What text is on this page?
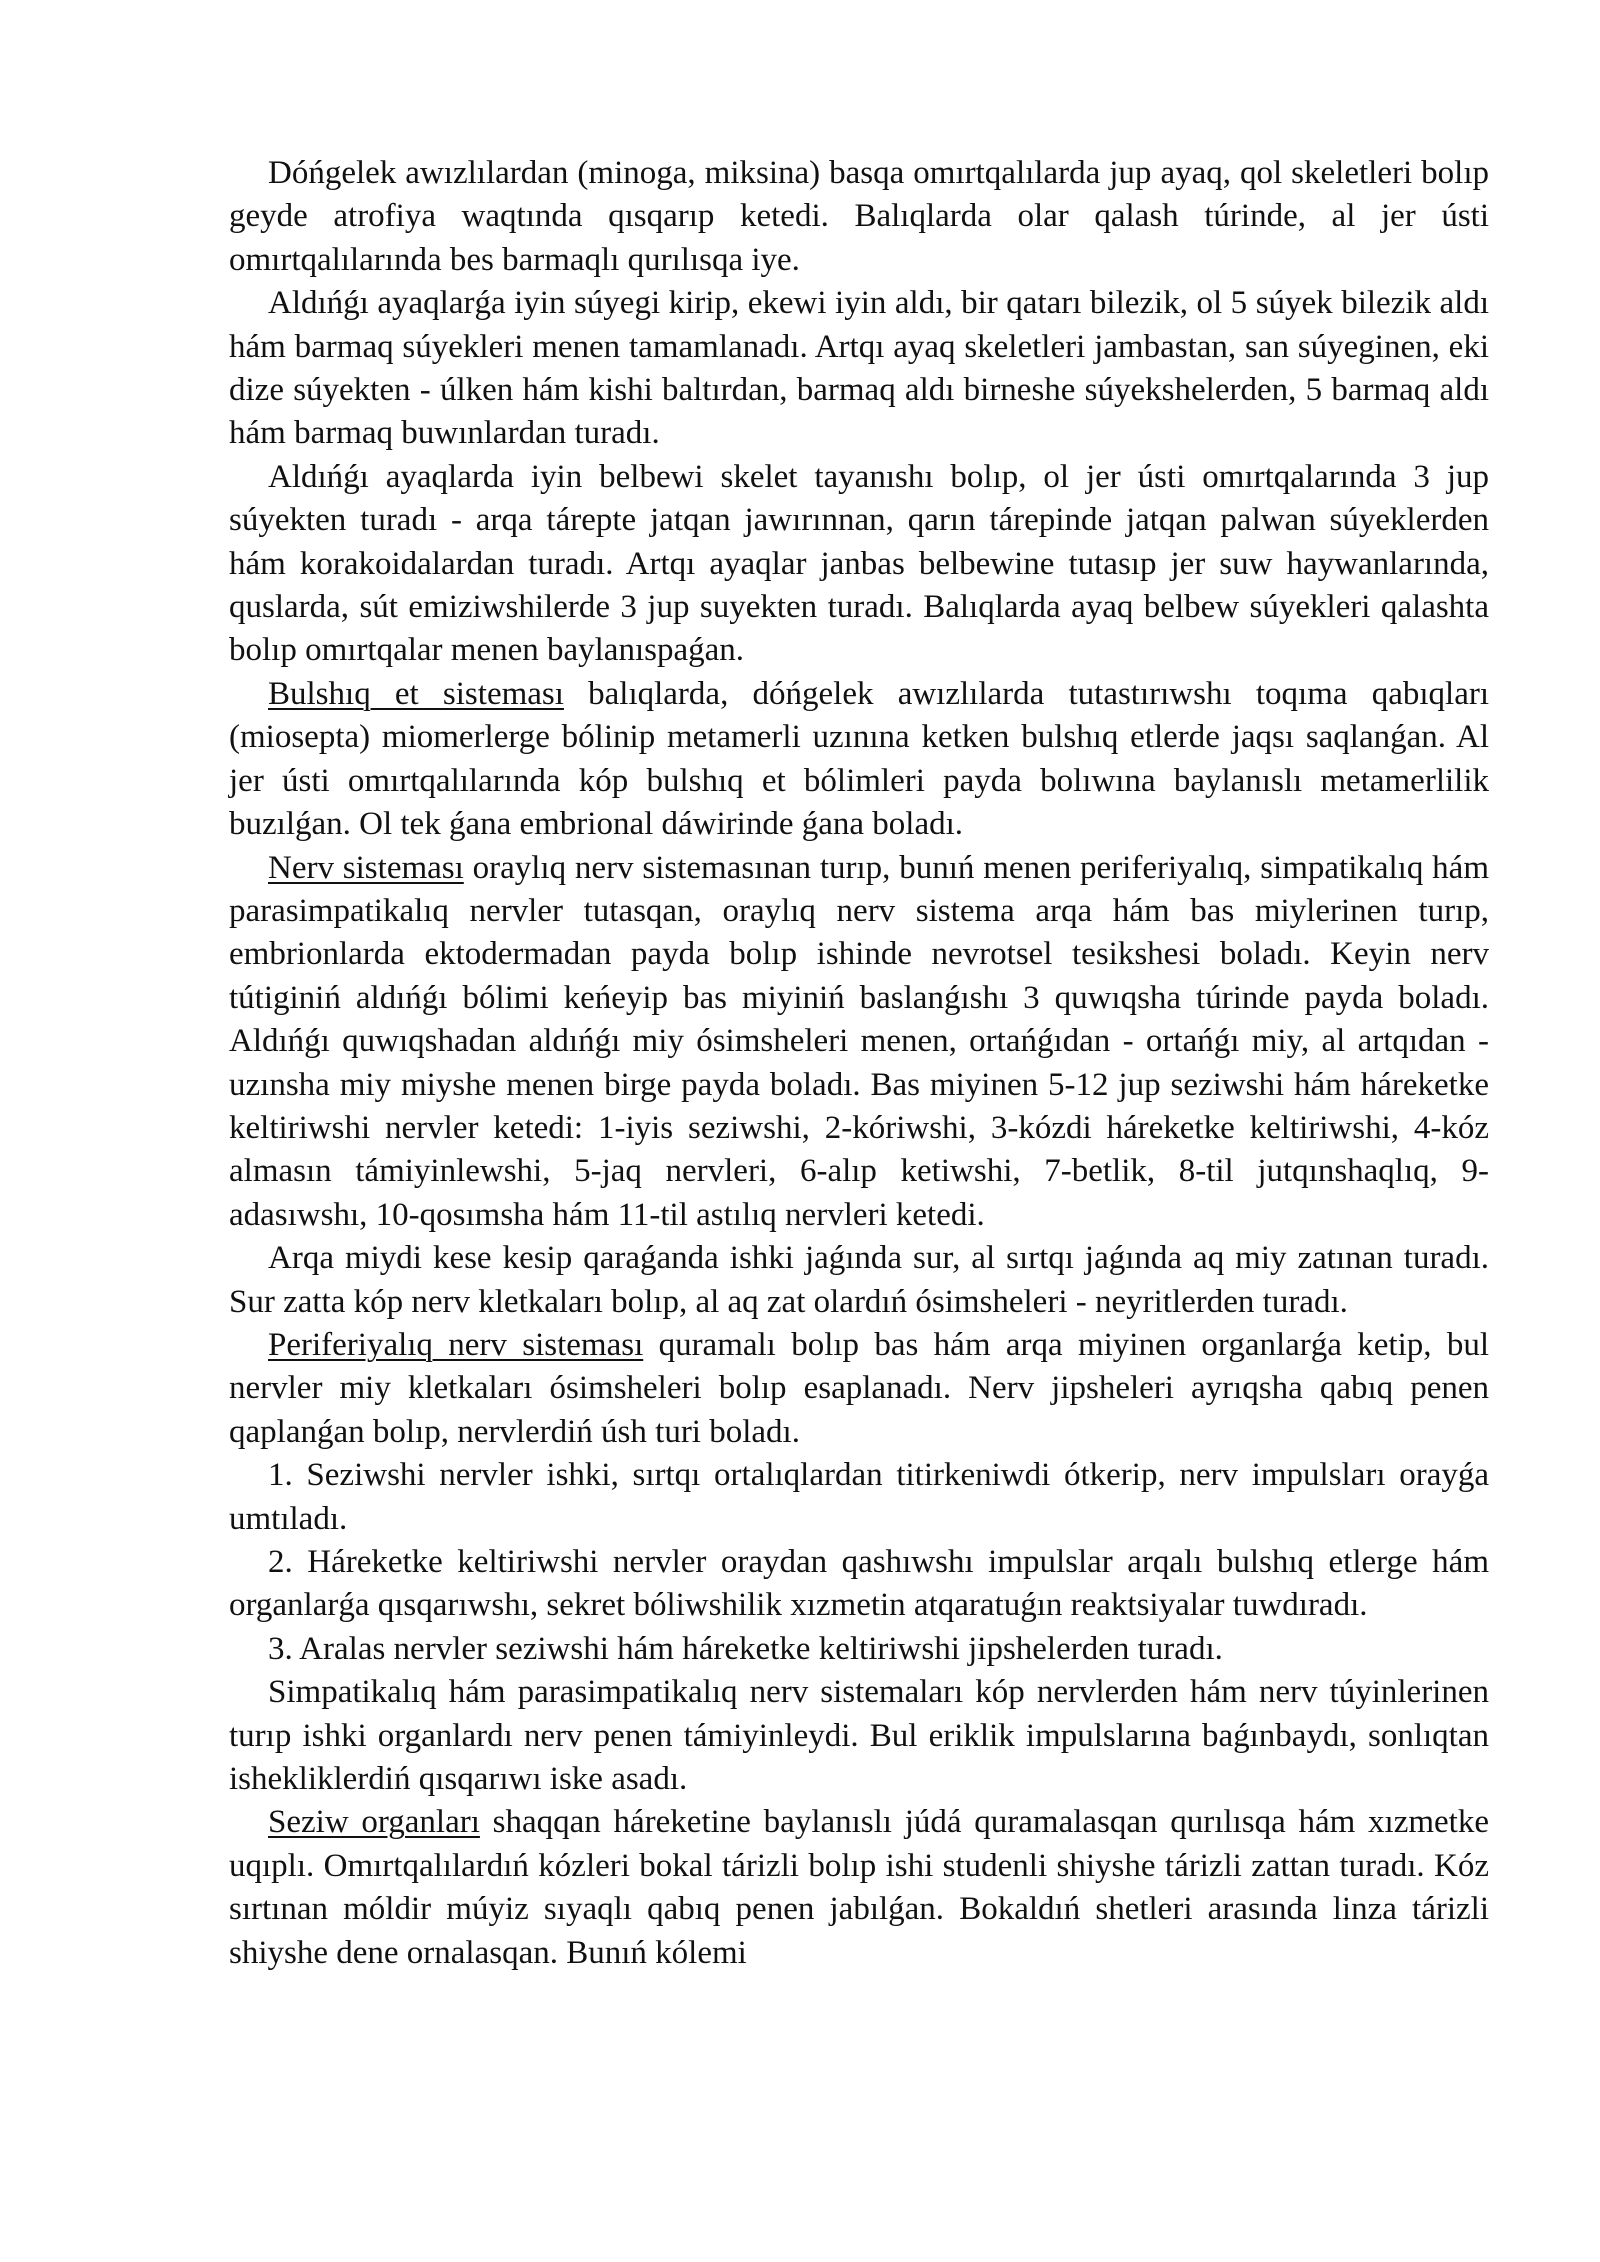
Dóńgelek awızlılardan (minoga, miksina) basqa omırtqalılarda jup ayaq, qol skeletleri bolıp geyde atrofiya waqtında qısqarıp ketedi. Balıqlarda olar qalash túrinde, al jer ústi omırtqalılarında bes barmaqlı qurılısqa iye.

Aldıńǵı ayaqlarǵa iyin súyegi kirip, ekewi iyin aldı, bir qatarı bilezik, ol 5 súyek bilezik aldı hám barmaq súyekleri menen tamamlanadı. Artqı ayaq skeletleri jambastan, san súyeginen, eki dize súyekten - úlken hám kishi baltırdan, barmaq aldı birneshe súyekshelerden, 5 barmaq aldı hám barmaq buwınlardan turadı.

Aldıńǵı ayaqlarda iyin belbewi skelet tayanıshı bolıp, ol jer ústi omırtqalarında 3 jup súyekten turadı - arqa tárepte jatqan jawırınnan, qarın tárepinde jatqan palwan súyeklerden hám korakoidalardan turadı. Artqı ayaqlar janbas belbewine tutasıp jer suw haywanlarında, quslarda, sút emiziwshilerde 3 jup suyekten turadı. Balıqlarda ayaq belbew súyekleri qalashta bolıp omırtqalar menen baylanıspaǵan.

Bulshıq et sisteması balıqlarda, dóńgelek awızlılarda tutastırıwshı toqıma qabıqları (miosepta) miomerlerge bólinip metamerli uzınına ketken bulshıq etlerde jaqsı saqlanǵan. Al jer ústi omırtqalılarında kóp bulshıq et bólimleri payda bolıwına baylanıslı metamerlilik buzılǵan. Ol tek ǵana embrional dáwirinde ǵana boladı.

Nerv sisteması oraylıq nerv sistemasınan turıp, bunıń menen periferiyalıq, simpatikalıq hám parasimpatikalıq nervler tutasqan, oraylıq nerv sistema arqa hám bas miylerinen turıp, embrionlarda ektodermadan payda bolıp ishinde nevrotsel tesikshesi boladı. Keyin nerv tútiginiń aldıńǵı bólimi keńeyip bas miyiniń baslanǵıshı 3 quwıqsha túrinde payda boladı. Aldıńǵı quwıqshadan aldıńǵı miy ósimsheleri menen, ortańǵıdan - ortańǵı miy, al artqıdan - uzınsha miy miyshe menen birge payda boladı. Bas miyinen 5-12 jup seziwshi hám háreketke keltiriwshi nervler ketedi: 1-iyis seziwshi, 2-kóriwshi, 3-kózdi háreketke keltiriwshi, 4-kóz almasın támiyinlewshi, 5-jaq nervleri, 6-alıp ketiwshi, 7-betlik, 8-til jutqınshaqlıq, 9-adasıwshı, 10-qosımsha hám 11-til astılıq nervleri ketedi.

Arqa miydi kese kesip qaraǵanda ishki jaǵında sur, al sırtqı jaǵında aq miy zatınan turadı. Sur zatta kóp nerv kletkaları bolıp, al aq zat olardıń ósimsheleri - neyritlerden turadı.

Periferiyalıq nerv sisteması quramalı bolıp bas hám arqa miyinen organlarǵa ketip, bul nervler miy kletkaları ósimsheleri bolıp esaplanadı. Nerv jipsheleri ayrıqsha qabıq penen qaplanǵan bolıp, nervlerdiń úsh turi boladı.

1. Seziwshi nervler ishki, sırtqı ortalıqlardan titirkeniwdi ótkerip, nerv impulsları orayǵa umtıladı.

2. Háreketke keltiriwshi nervler oraydan qashıwshı impulslar arqalı bulshıq etlerge hám organlarǵa qısqarıwshı, sekret bóliwshilik xızmetin atqaratuǵın reaktsiyalar tuwdıradı.

3. Aralas nervler seziwshi hám háreketke keltiriwshi jipshelerden turadı.

Simpatikalıq hám parasimpatikalıq nerv sistemaları kóp nervlerden hám nerv túyinlerinen turıp ishki organlardı nerv penen támiyinleydi. Bul eriklik impulslarına baǵınbaydı, sonlıqtan ishekliklerdiń qısqarıwı iske asadı.

Seziw organları shaqqan háreketine baylanıslı júdá quramalasqan qurılısqa hám xızmetke uqıplı. Omırtqalılardıń kózleri bokal tárizli bolıp ishi studenli shiyshe tárizli zattan turadı. Kóz sırtınan móldir múyiz sıyaqlı qabıq penen jabılǵan. Bokaldıń shetleri arasında linza tárizli shiyshe dene ornalasqan. Bunıń kólemi
